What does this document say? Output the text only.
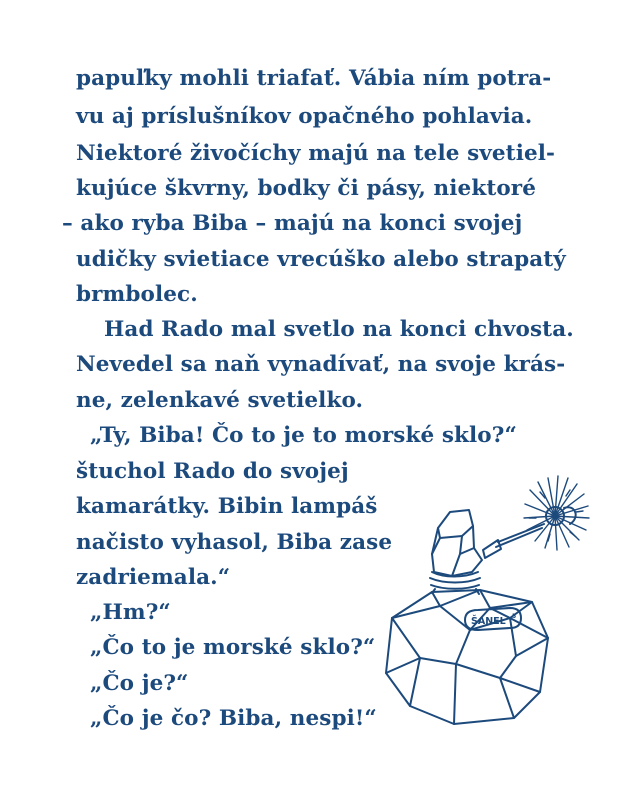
papuľky mohli triafať. Vábia ním potra-
vu aj príslušníkov opačného pohlavia.
Niektoré živočíchy majú na tele svetiel-
kujúce škvrny, bodky či pásy, niektoré
– ako ryba Biba – majú na konci svojej
udičky svietiace vrecúško alebo strapatý
brmbolec.
Had Rado mal svetlo na konci chvosta.
Nevedel sa naň vynadívať, na svoje krás-
ne, zelenkavé svetielko.
„Ty, Biba! Čo to je to morské sklo?“
štuchol Rado do svojej
kamarátky. Bibin lampáš
načisto vyhasol, Biba zase
zadriemala.“
„Hm?“
„Čo to je morské sklo?“
„Čo je?“
„Čo je čo? Biba, nespi!“
ŠANEL 5
